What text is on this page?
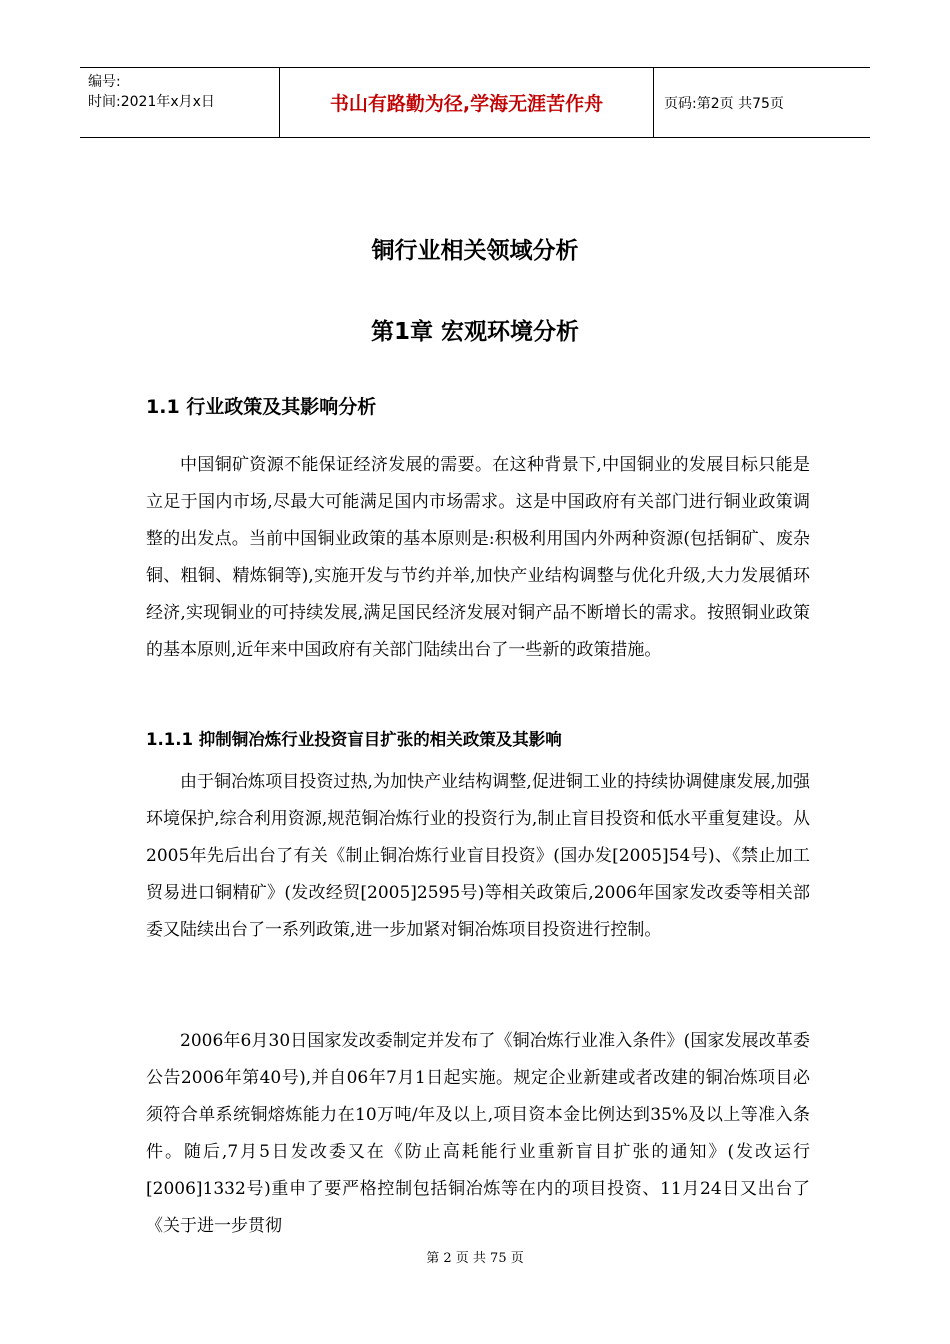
编号:
时间:2021年x月x日	书山有路勤为径,学海无涯苦作舟	页码:第2页 共75页
铜行业相关领域分析
第1章 宏观环境分析
1.1 行业政策及其影响分析

中国铜矿资源不能保证经济发展的需要。在这种背景下,中国铜业的发展目标只能是立足于国内市场,尽最大可能满足国内市场需求。这是中国政府有关部门进行铜业政策调整的出发点。当前中国铜业政策的基本原则是:积极利用国内外两种资源(包括铜矿、废杂铜、粗铜、精炼铜等),实施开发与节约并举,加快产业结构调整与优化升级,大力发展循环经济,实现铜业的可持续发展,满足国民经济发展对铜产品不断增长的需求。按照铜业政策的基本原则,近年来中国政府有关部门陆续出台了一些新的政策措施。

1.1.1 抑制铜冶炼行业投资盲目扩张的相关政策及其影响

由于铜冶炼项目投资过热,为加快产业结构调整,促进铜工业的持续协调健康发展,加强环境保护,综合利用资源,规范铜冶炼行业的投资行为,制止盲目投资和低水平重复建设。从2005年先后出台了有关《制止铜冶炼行业盲目投资》(国办发[2005]54号)、《禁止加工贸易进口铜精矿》(发改经贸[2005]2595号)等相关政策后,2006年国家发改委等相关部委又陆续出台了一系列政策,进一步加紧对铜冶炼项目投资进行控制。

2006年6月30日国家发改委制定并发布了《铜冶炼行业准入条件》(国家发展改革委公告2006年第40号),并自06年7月1日起实施。规定企业新建或者改建的铜冶炼项目必须符合单系统铜熔炼能力在10万吨/年及以上,项目资本金比例达到35%及以上等准入条件。随后,7月5日发改委又在《防止高耗能行业重新盲目扩张的通知》(发改运行[2006]1332号)重申了要严格控制包括铜冶炼等在内的项目投资、11月24日又出台了《关于进一步贯彻

第 2 页 共 75 页
